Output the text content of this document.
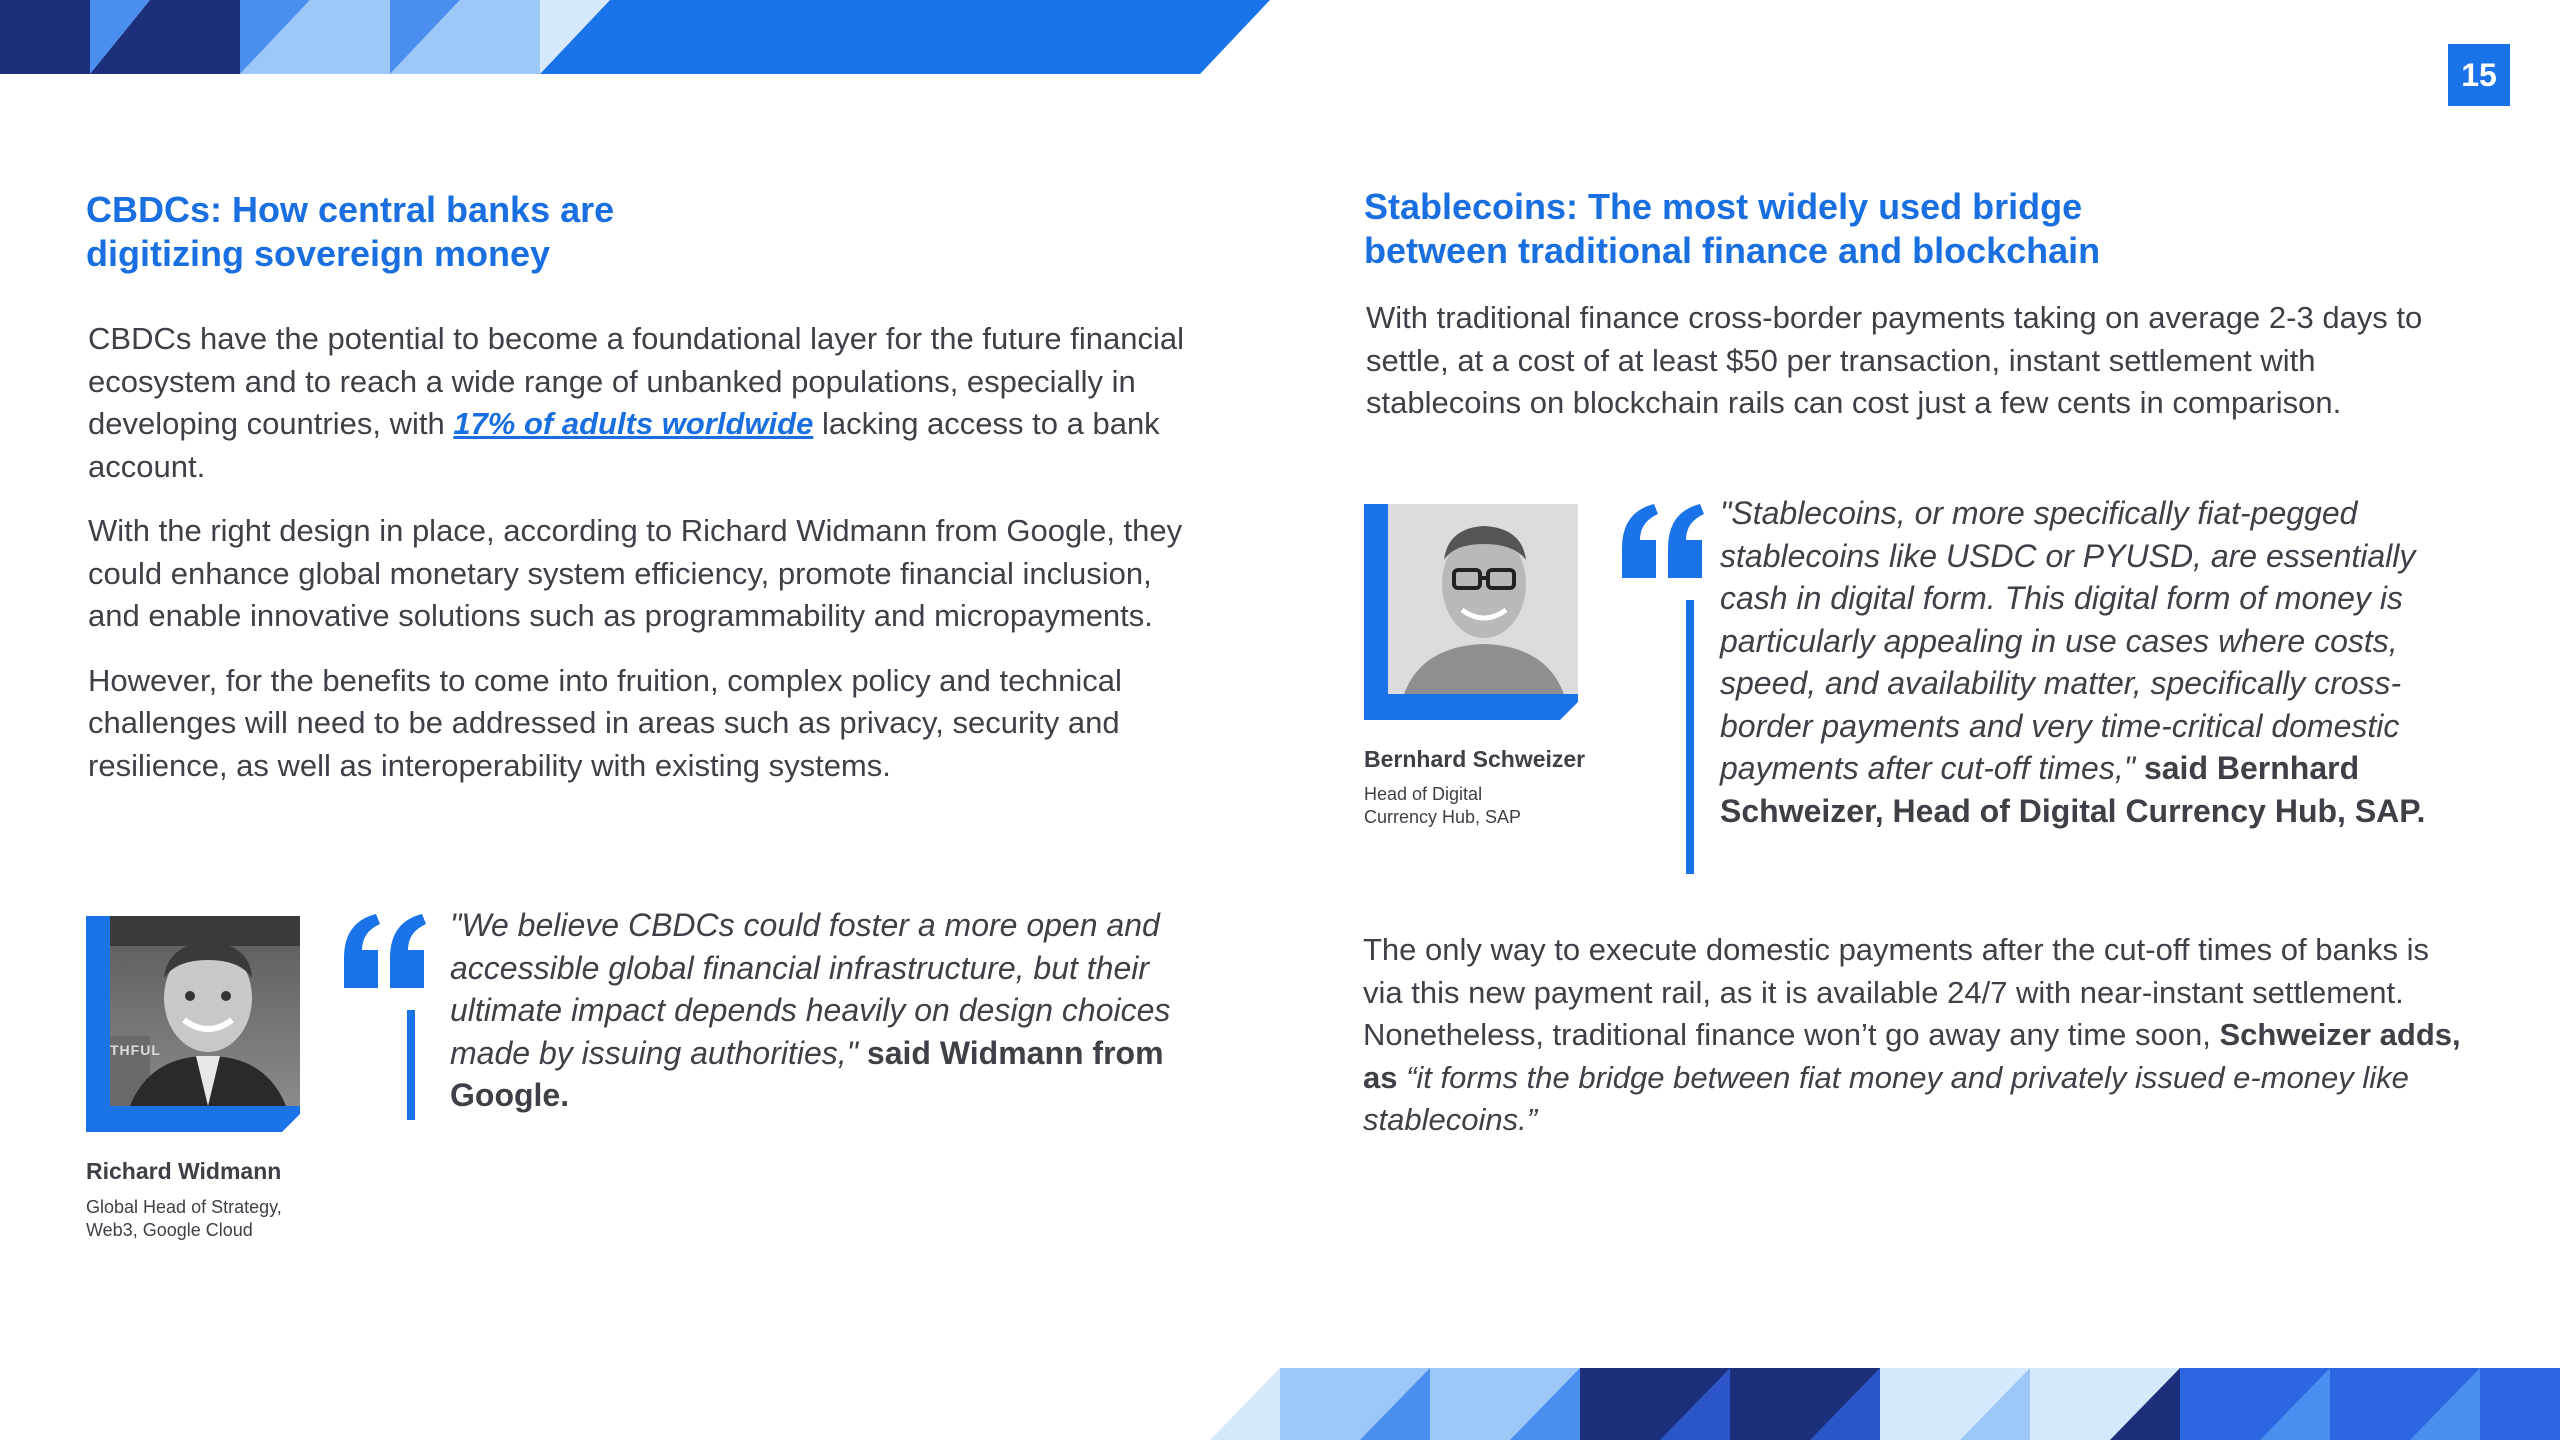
15
CBDCs: How central banks are
digitizing sovereign money

CBDCs have the potential to become a foundational layer for the future financial ecosystem and to reach a wide range of unbanked populations, especially in developing countries, with 17% of adults worldwide lacking access to a bank account.

With the right design in place, according to Richard Widmann from Google, they could enhance global monetary system efficiency, promote financial inclusion, and enable innovative solutions such as programmability and micropayments.

However, for the benefits to come into fruition, complex policy and technical challenges will need to be addressed in areas such as privacy, security and resilience, as well as interoperability with existing systems.

THFUL
Richard Widmann
Global Head of Strategy,
Web3, Google Cloud
"We believe CBDCs could foster a more open and accessible global financial infrastructure, but their ultimate impact depends heavily on design choices made by issuing authorities," said Widmann from Google.
Stablecoins: The most widely used bridge
between traditional finance and blockchain

With traditional finance cross-border payments taking on average 2-3 days to settle, at a cost of at least $50 per transaction, instant settlement with stablecoins on blockchain rails can cost just a few cents in comparison.

Bernhard Schweizer
Head of Digital
Currency Hub, SAP
"Stablecoins, or more specifically fiat-pegged stablecoins like USDC or PYUSD, are essentially cash in digital form. This digital form of money is particularly appealing in use cases where costs, speed, and availability matter, specifically cross-border payments and very time-critical domestic payments after cut-off times," said Bernhard Schweizer, Head of Digital Currency Hub, SAP.

The only way to execute domestic payments after the cut-off times of banks is via this new payment rail, as it is available 24/7 with near-instant settlement. Nonetheless, traditional finance won’t go away any time soon, Schweizer adds, as “it forms the bridge between fiat money and privately issued e-money like stablecoins.”
